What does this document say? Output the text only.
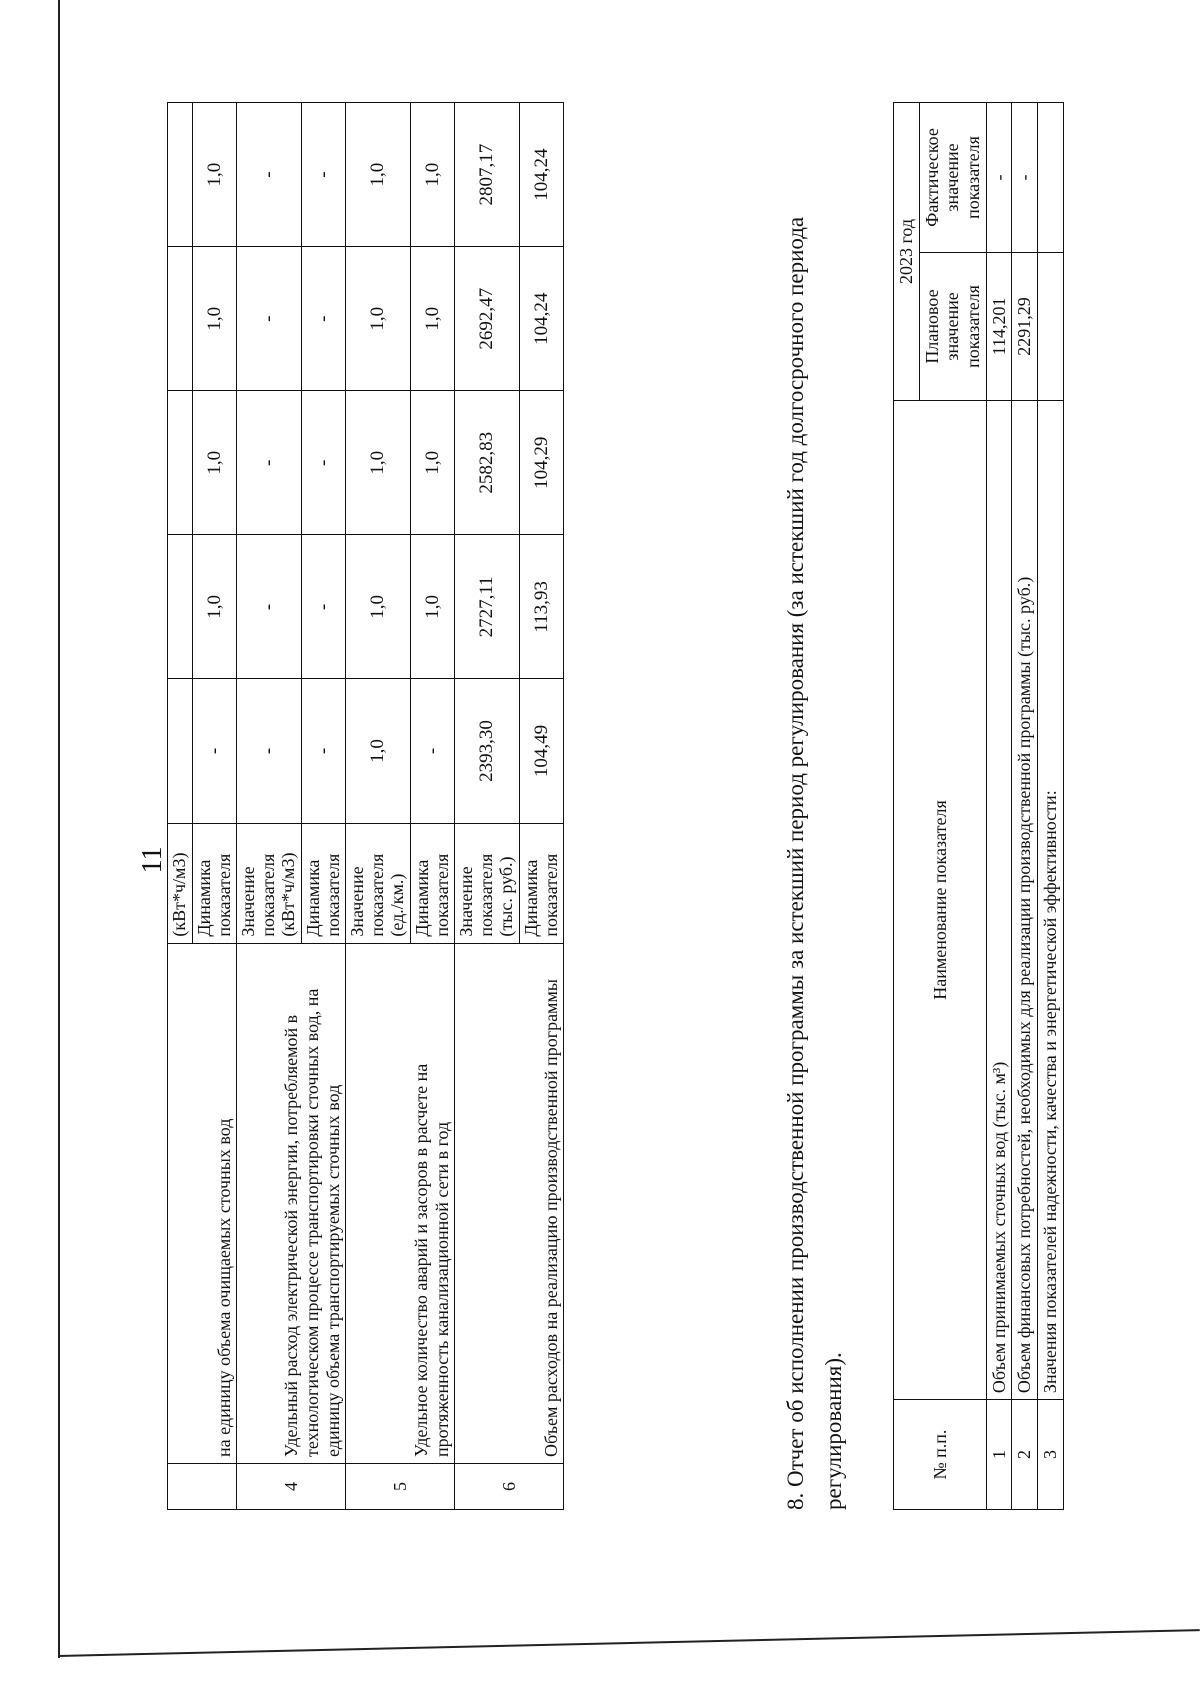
11
	на единицу объема очищаемых сточных вод	(кВт*ч/м3)					
		Динамика показателя	-	1,0	1,0	1,0	1,0
4	Удельный расход электрической энергии, потребляемой в технологическом процессе транспортировки сточных вод, на единицу объема транспортируемых сточных вод	Значение показателя (кВт*ч/м3)	-	-	-	-	-
		Динамика показателя	-	-	-	-	-
5	Удельное количество аварий и засоров в расчете на протяженность канализационной сети в год	Значение показателя (ед./км.)	1,0	1,0	1,0	1,0	1,0
		Динамика показателя	-	1,0	1,0	1,0	1,0
6	Объем расходов на реализацию производственной программы	Значение показателя (тыс. руб.)	2393,30	2727,11	2582,83	2692,47	2807,17
		Динамика показателя	104,49	113,93	104,29	104,24	104,24
8. Отчет об исполнении производственной программы за истекший период регулирования (за истекший год долгосрочного периода регулирования).	№ п.п.	Наименование показателя	2023 год	
		Плановое значение показателя	Фактическое значение показателя
1	Объем принимаемых сточных вод (тыс. м³)	114,201	-
2	Объем финансовых потребностей, необходимых для реализации производственной программы (тыс. руб.)	2291,29	-
3	Значения показателей надежности, качества и энергетической эффективности:		
